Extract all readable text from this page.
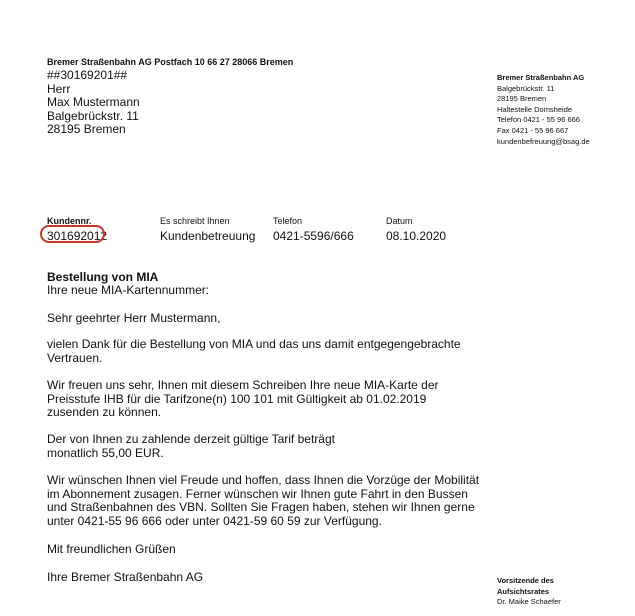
Bremer Straßenbahn AG Postfach 10 66 27 28066 Bremen
##30169201##
Herr
Max Mustermann
Balgebrückstr. 11
28195 Bremen
Bremer Straßenbahn AG
Balgebrückstr. 11
28195 Bremen
Haltestelle Domsheide
Telefon 0421 - 55 96 666
Fax 0421 - 55 96 667
kundenbefreuung@bsag.de
Kundennr.
301692012
Es schreibt Ihnen
Kundenbetreuung
Telefon
0421-5596/666
Datum
08.10.2020
Bestellung von MIA
Ihre neue MIA-Kartennummer:
Sehr geehrter Herr Mustermann,
vielen Dank für die Bestellung von MIA und das uns damit entgegengebrachte
Vertrauen.
Wir freuen uns sehr, Ihnen mit diesem Schreiben Ihre neue MIA-Karte der
Preisstufe IHB für die Tarifzone(n) 100 101 mit Gültigkeit ab 01.02.2019
zusenden zu können.
Der von Ihnen zu zahlende derzeit gültige Tarif beträgt
monatlich 55,00 EUR.
Wir wünschen Ihnen viel Freude und hoffen, dass Ihnen die Vorzüge der Mobilität
im Abonnement zusagen. Ferner wünschen wir Ihnen gute Fahrt in den Bussen
und Straßenbahnen des VBN. Sollten Sie Fragen haben, stehen wir Ihnen gerne
unter 0421-55 96 666 oder unter 0421-59 60 59 zur Verfügung.
Mit freundlichen Grüßen
Ihre Bremer Straßenbahn AG	Vorsitzende des
Aufsichtsrates
Dr. Maike Schaefer
